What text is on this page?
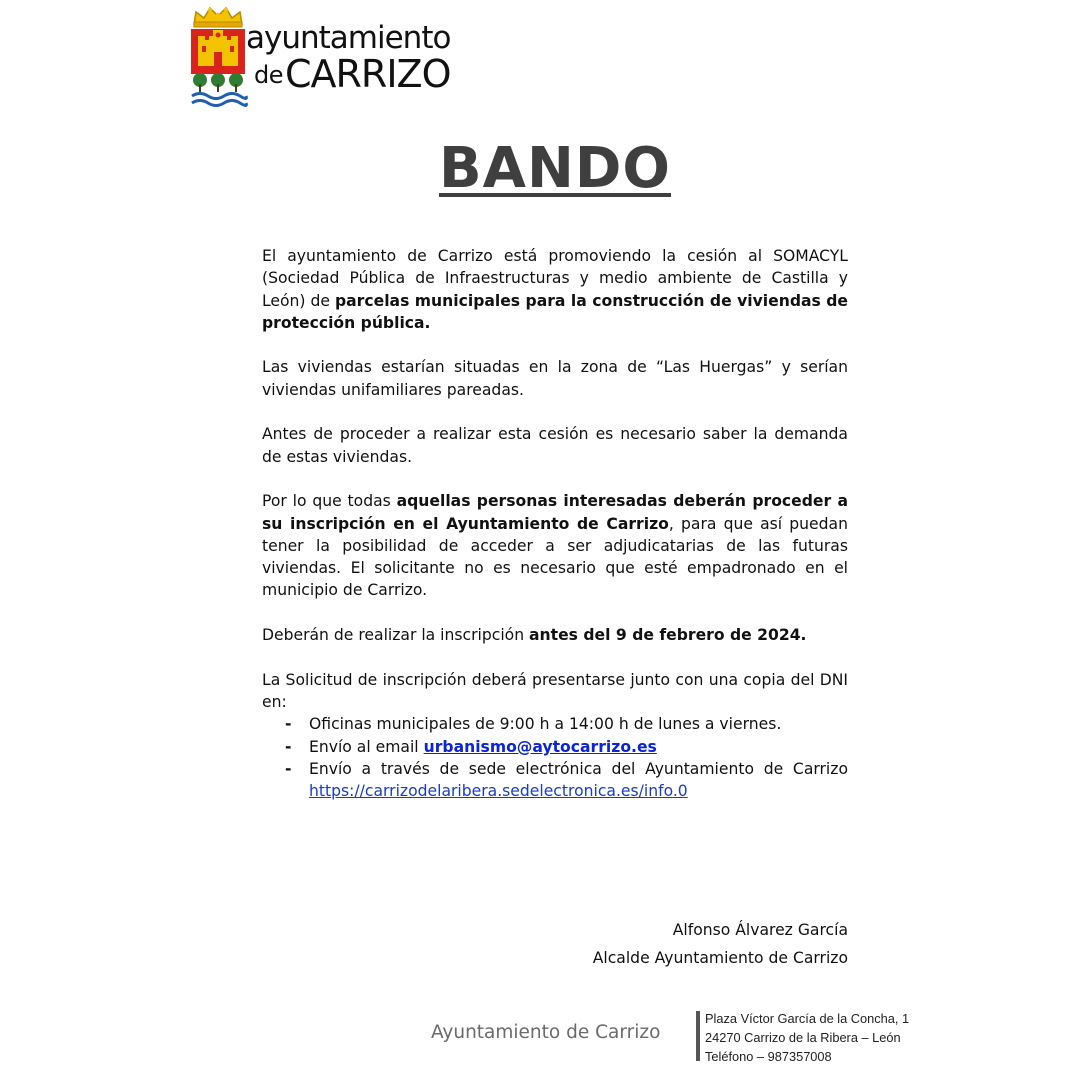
ayuntamiento
deCARRIZO
BANDO

El ayuntamiento de Carrizo está promoviendo la cesión al SOMACYL (Sociedad Pública de Infraestructuras y medio ambiente de Castilla y León) de parcelas municipales para la construcción de viviendas de protección pública.

Las viviendas estarían situadas en la zona de “Las Huergas” y serían viviendas unifamiliares pareadas.

Antes de proceder a realizar esta cesión es necesario saber la demanda de estas viviendas.

Por lo que todas aquellas personas interesadas deberán proceder a su inscripción en el Ayuntamiento de Carrizo, para que así puedan tener la posibilidad de acceder a ser adjudicatarias de las futuras viviendas. El solicitante no es necesario que esté empadronado en el municipio de Carrizo.

Deberán de realizar la inscripción antes del 9 de febrero de 2024.

La Solicitud de inscripción deberá presentarse junto con una copia del DNI en:

- Oficinas municipales de 9:00 h a 14:00 h de lunes a viernes.
- Envío al email urbanismo@aytocarrizo.es
- Envío a través de sede electrónica del Ayuntamiento de Carrizo https://carrizodelaribera.sedelectronica.es/info.0
Alfonso Álvarez García
Alcalde Ayuntamiento de Carrizo
Ayuntamiento de Carrizo
Plaza Víctor García de la Concha, 1
24270 Carrizo de la Ribera – León
Teléfono – 987357008
